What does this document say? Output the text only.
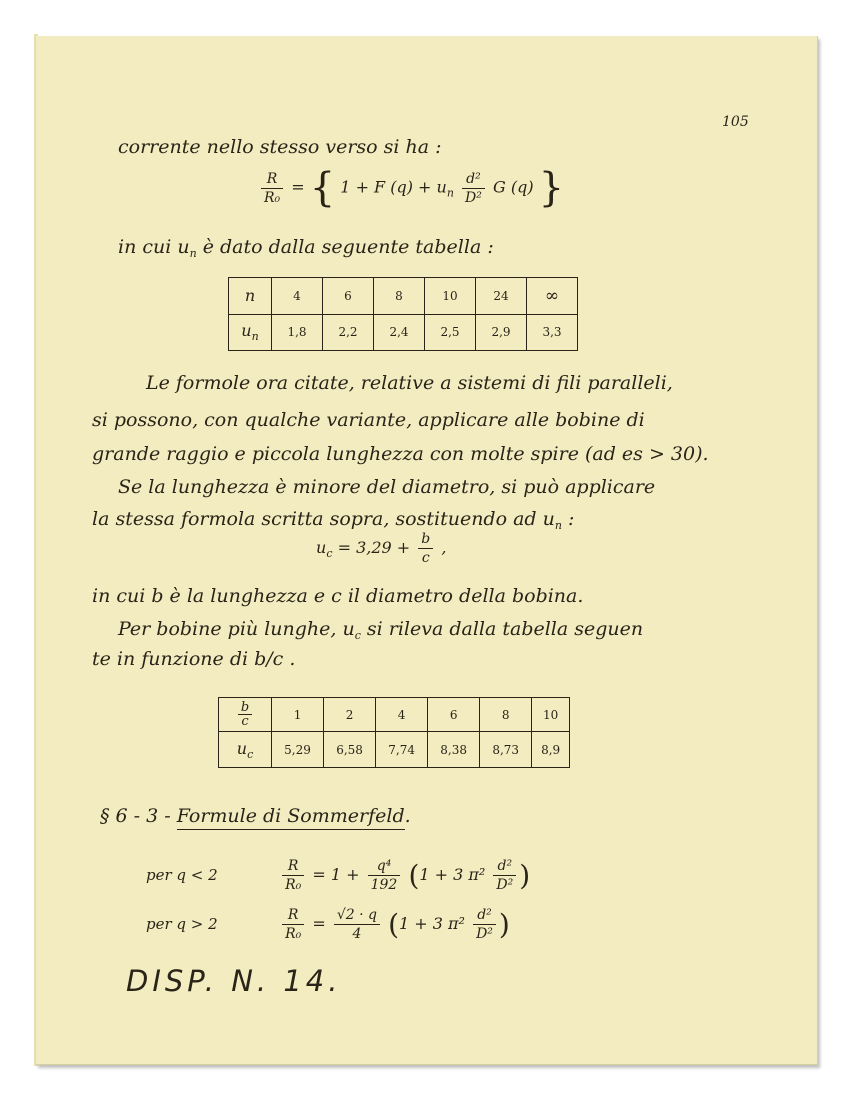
105
corrente nello stesso verso si ha :
$\frac{R}{\text{R₀}}$ = { 1 + F $(q) + u_n \frac{\text{d²}}{\text{D²}}$ G (q) }
in cui $u_n$ è dato dalla seguente tabella :
n	4	6	8	10	24	∞
$u_n$	1,8	2,2	2,4	2,5	2,9	3,3
Le formole ora citate, relative a sistemi di fili paralleli,
si possono, con qualche variante, applicare alle bobine di
grande raggio e piccola lunghezza con molte spire (ad es > 30).
Se la lunghezza è minore del diametro, si può applicare
la stessa formola scritta sopra, sostituendo ad $u_n$ :
$u_c = 3,29 + \frac{b}{c}$ ,
in cui b è la lunghezza e c il diametro della bobina.
Per bobine più lunghe, $u_c$ si rileva dalla tabella seguen
te in funzione di b/c .
b
c	1	2	4	6	8	10
$u_c$	5,29	6,58	7,74	8,38	8,73	8,9
§ 6 - 3 - Formule di Sommerfeld.
per q < 2	$\frac{R}{\text{R₀}} = 1 + \frac{\text{q⁴}}{192} (1 + 3$ $\pi^2 \frac{\text{d²}}{\text{D²}}$ )
per q > 2	$\frac{R}{\text{R₀}} = \frac{√2 \cdot q}{4} (1 + 3$ $\pi^2 \frac{\text{d²}}{\text{D²}}$ )
DISP. N. 14.
